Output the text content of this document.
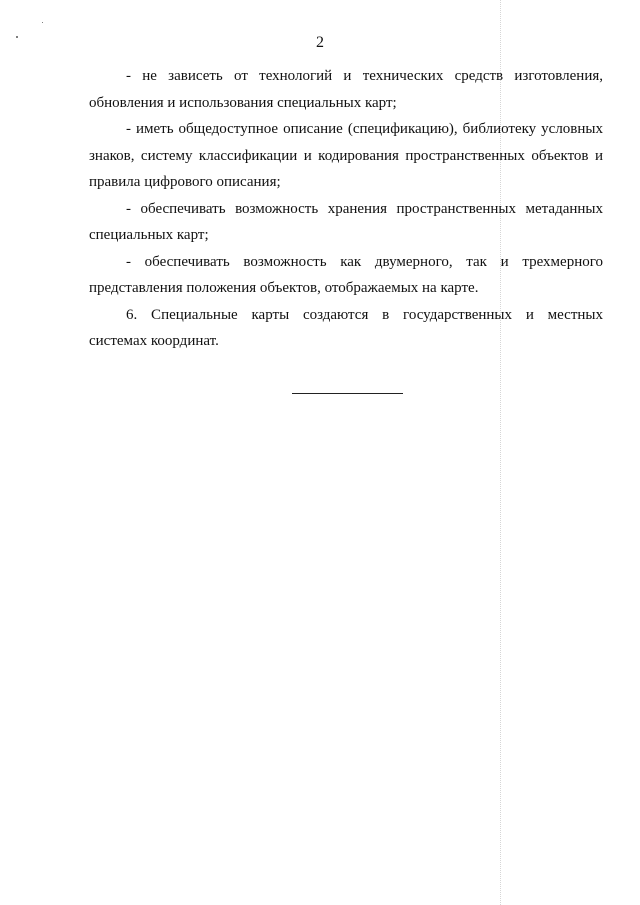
2

- не зависеть от технологий и технических средств изготовления,
обновления и использования специальных карт;

- иметь общедоступное описание (спецификацию), библиотеку условных
знаков, систему классификации и кодирования пространственных объектов и правила цифрового описания;

- обеспечивать возможность хранения пространственных метаданных
специальных карт;

- обеспечивать возможность как двумерного, так и трехмерного
представления положения объектов, отображаемых на карте.

6. Специальные карты создаются в государственных и местных
системах координат.
